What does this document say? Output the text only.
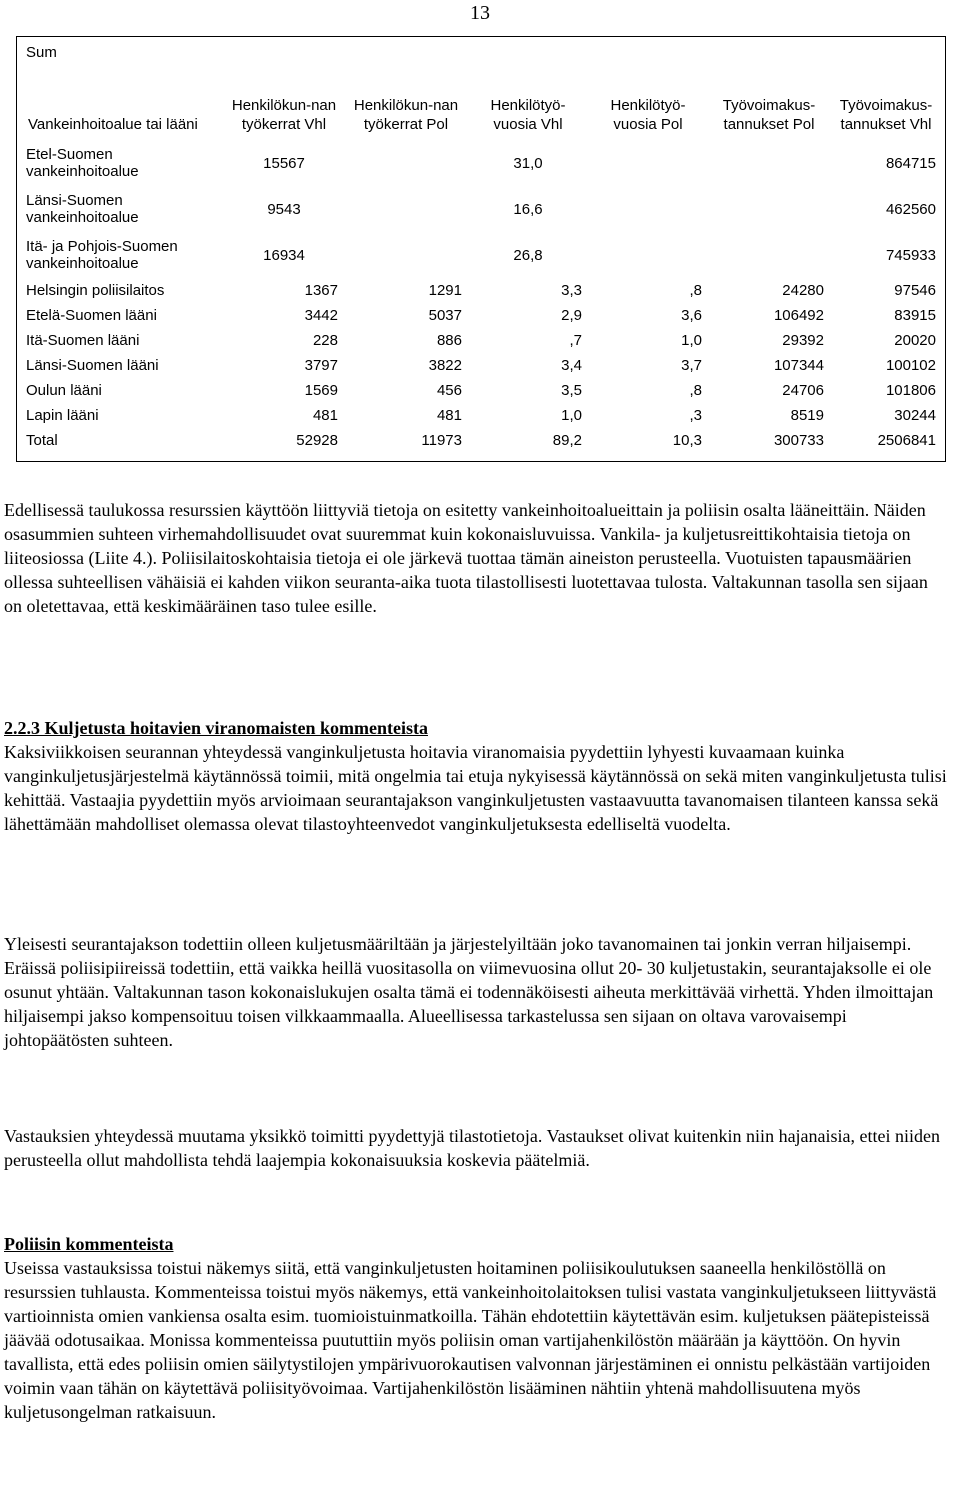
13
Sum
Vankeinhoitoalue tai lääni	Henkilökun-nan työkerrat Vhl	Henkilökun-nan työkerrat Pol	Henkilötyö-vuosia Vhl	Henkilötyö-vuosia Pol	Työvoimakus-tannukset Pol	Työvoimakus-tannukset Vhl
Etel-Suomen vankeinhoitoalue	15567		31,0			864715
Länsi-Suomen vankeinhoitoalue	9543		16,6			462560
Itä- ja Pohjois-Suomen vankeinhoitoalue	16934		26,8			745933
Helsingin poliisilaitos	1367	1291	3,3	,8	24280	97546
Etelä-Suomen lääni	3442	5037	2,9	3,6	106492	83915
Itä-Suomen lääni	228	886	,7	1,0	29392	20020
Länsi-Suomen lääni	3797	3822	3,4	3,7	107344	100102
Oulun lääni	1569	456	3,5	,8	24706	101806
Lapin lääni	481	481	1,0	,3	8519	30244
Total	52928	11973	89,2	10,3	300733	2506841

Edellisessä taulukossa resurssien käyttöön liittyviä tietoja on esitetty vankeinhoitoalueittain ja poliisin osalta lääneittäin. Näiden osasummien suhteen virhemahdollisuudet ovat suuremmat kuin kokonaisluvuissa. Vankila- ja kuljetusreittikohtaisia tietoja on liiteosiossa (Liite 4.). Poliisilaitoskohtaisia tietoja ei ole järkevä tuottaa tämän aineiston perusteella. Vuotuisten tapausmäärien ollessa suhteellisen vähäisiä ei kahden viikon seuranta-aika tuota tilastollisesti luotettavaa tulosta. Valtakunnan tasolla sen sijaan on oletettavaa, että keskimääräinen taso tulee esille.

2.2.3 Kuljetusta hoitavien viranomaisten kommenteista

Kaksiviikkoisen seurannan yhteydessä vanginkuljetusta hoitavia viranomaisia pyydettiin lyhyesti kuvaamaan kuinka vanginkuljetusjärjestelmä käytännössä toimii, mitä ongelmia tai etuja nykyisessä käytännössä on sekä miten vanginkuljetusta tulisi kehittää. Vastaajia pyydettiin myös arvioimaan seurantajakson vanginkuljetusten vastaavuutta tavanomaisen tilanteen kanssa sekä lähettämään mahdolliset olemassa olevat tilastoyhteenvedot vanginkuljetuksesta edelliseltä vuodelta.

Yleisesti seurantajakson todettiin olleen kuljetusmääriltään ja järjestelyiltään joko tavanomainen tai jonkin verran hiljaisempi. Eräissä poliisipiireissä todettiin, että vaikka heillä vuositasolla on viimevuosina ollut 20- 30 kuljetustakin, seurantajaksolle ei ole osunut yhtään. Valtakunnan tason kokonaislukujen osalta tämä ei todennäköisesti aiheuta merkittävää virhettä. Yhden ilmoittajan hiljaisempi jakso kompensoituu toisen vilkkaammaalla. Alueellisessa tarkastelussa sen sijaan on oltava varovaisempi johtopäätösten suhteen.

Vastauksien yhteydessä muutama yksikkö toimitti pyydettyjä tilastotietoja. Vastaukset olivat kuitenkin niin hajanaisia, ettei niiden perusteella ollut mahdollista tehdä laajempia kokonaisuuksia koskevia päätelmiä.

Poliisin kommenteista

Useissa vastauksissa toistui näkemys siitä, että vanginkuljetusten hoitaminen poliisikoulutuksen saaneella henkilöstöllä on resurssien tuhlausta. Kommenteissa toistui myös näkemys, että vankeinhoitolaitoksen tulisi vastata vanginkuljetukseen liittyvästä vartioinnista omien vankiensa osalta esim. tuomioistuinmatkoilla. Tähän ehdotettiin käytettävän esim. kuljetuksen päätepisteissä jäävää odotusaikaa. Monissa kommenteissa puututtiin myös poliisin oman vartijahenkilöstön määrään ja käyttöön. On hyvin tavallista, että edes poliisin omien säilytystilojen ympärivuorokautisen valvonnan järjestäminen ei onnistu pelkästään vartijoiden voimin vaan tähän on käytettävä poliisityövoimaa. Vartijahenkilöstön lisääminen nähtiin yhtenä mahdollisuutena myös kuljetusongelman ratkaisuun.
